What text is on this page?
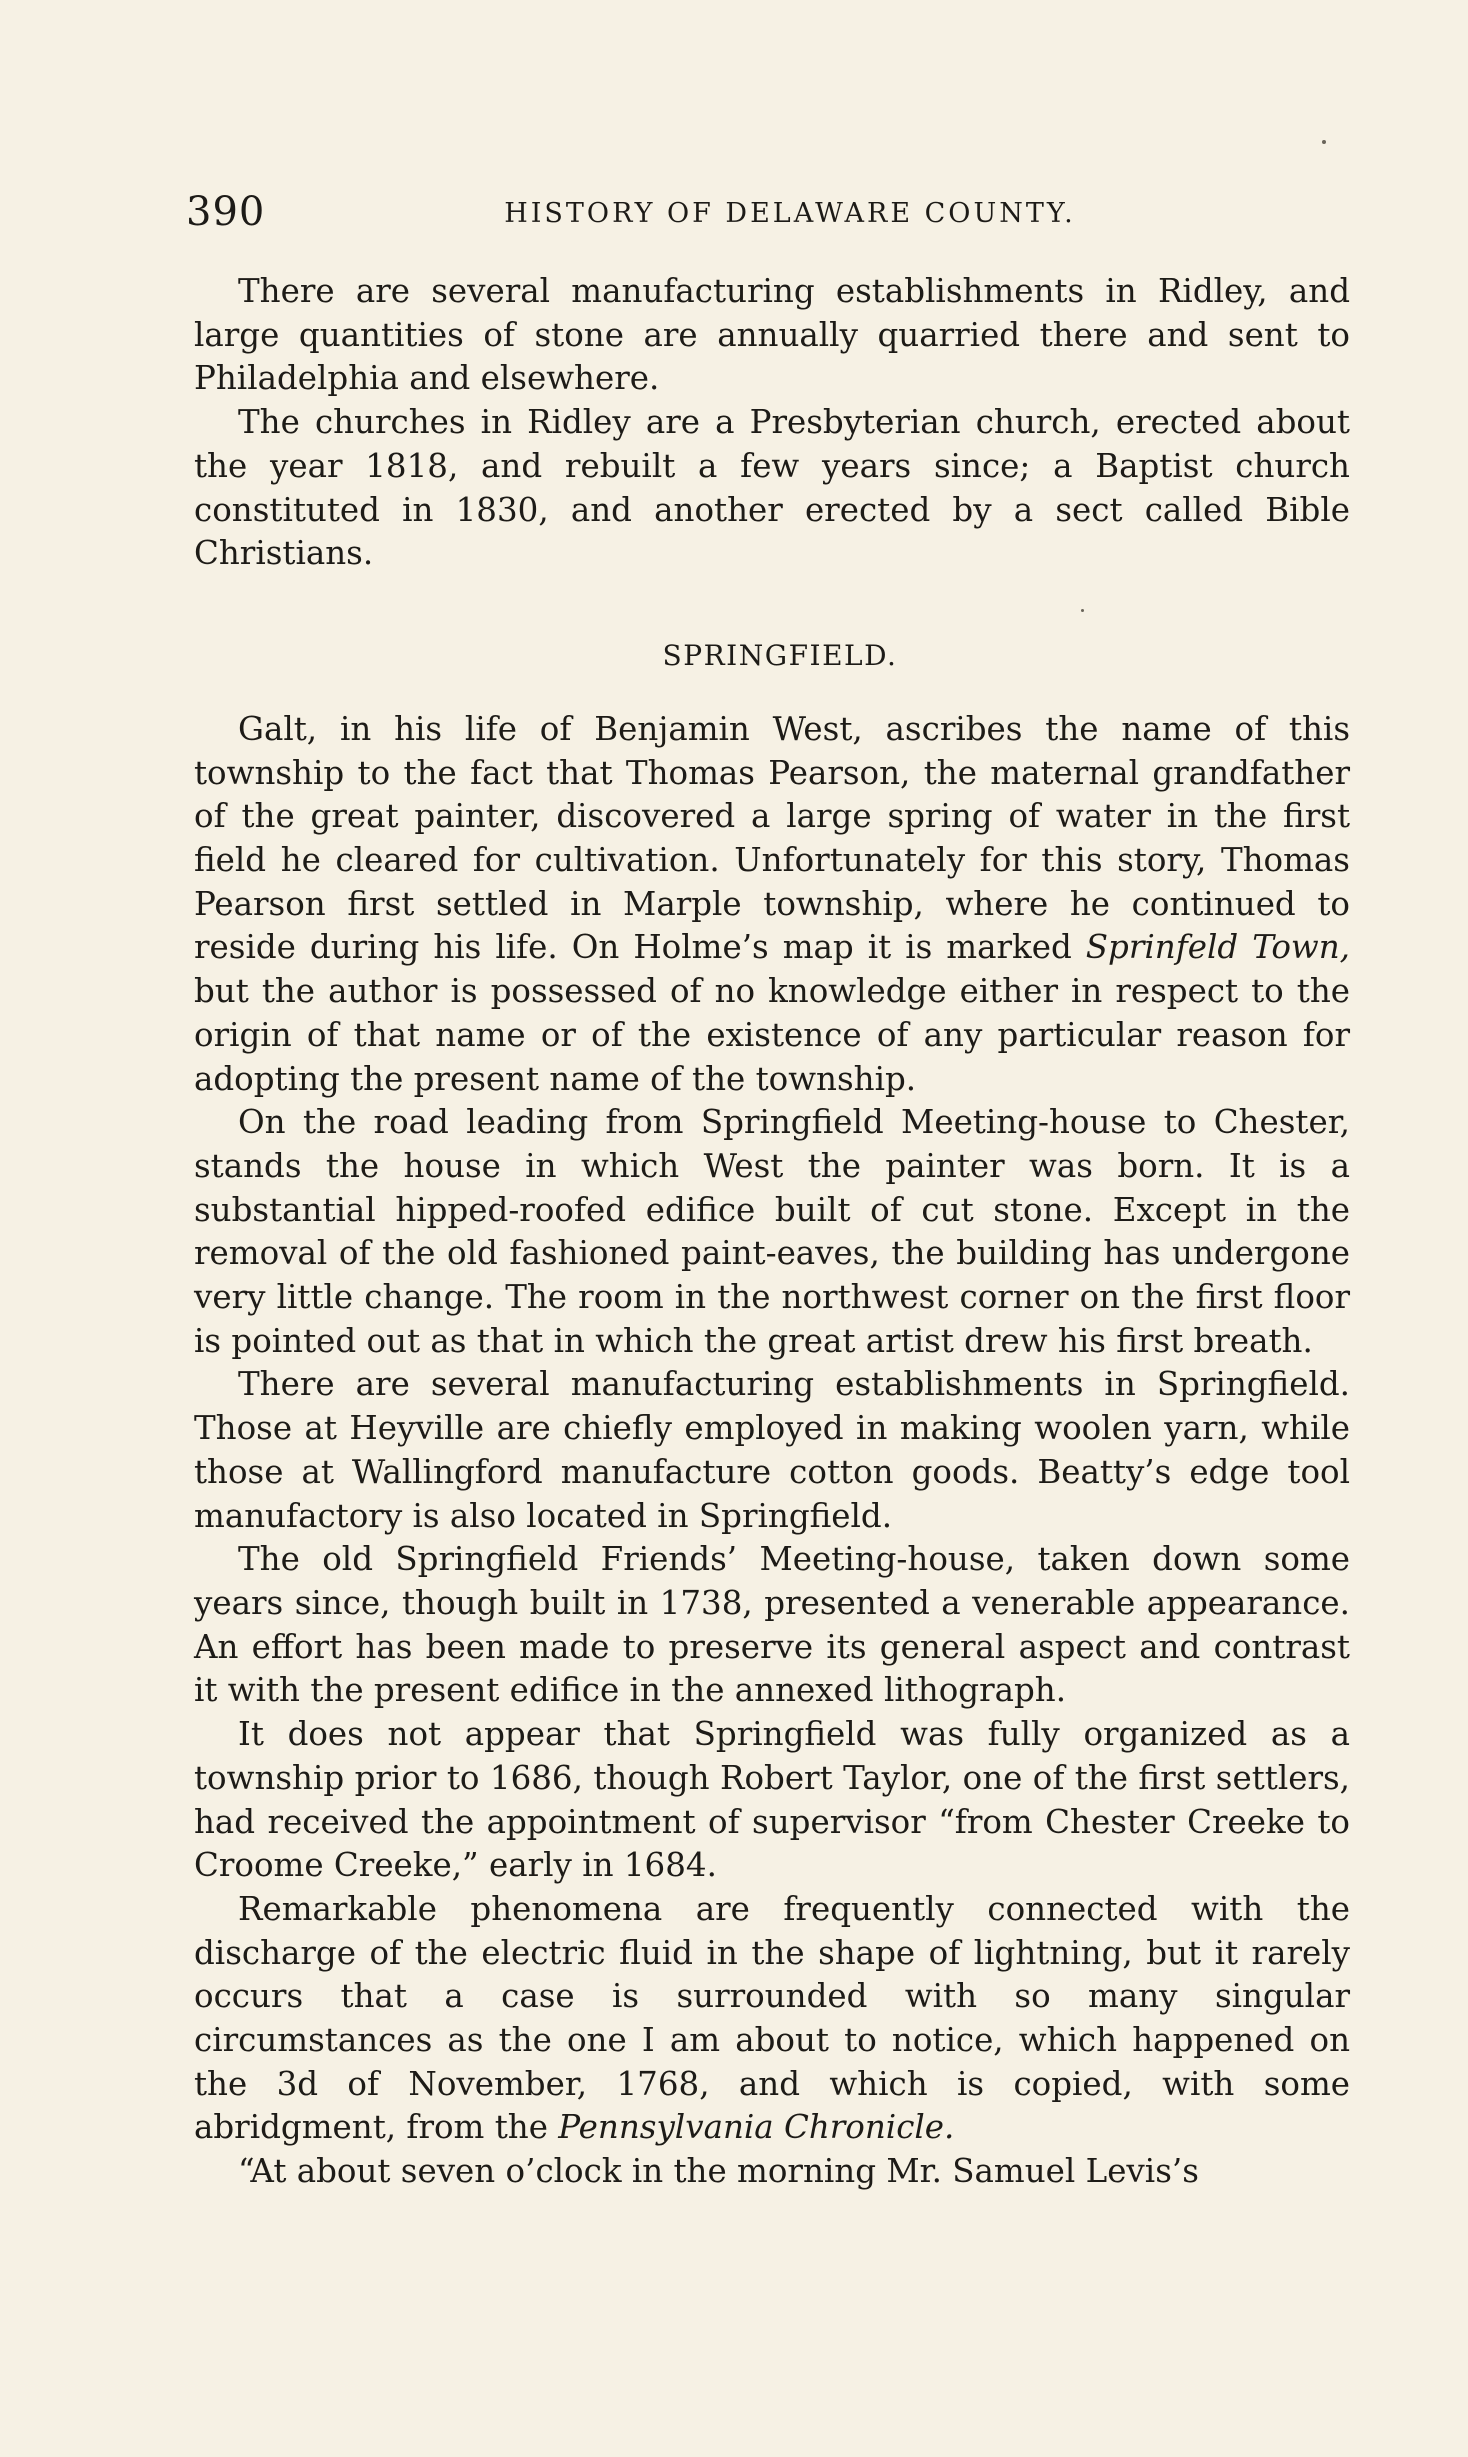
390	HISTORY OF DELAWARE COUNTY.

There are several manufacturing establishments in Ridley, and large quantities of stone are annually quarried there and sent to Philadelphia and elsewhere.

The churches in Ridley are a Presbyterian church, erected about the year 1818, and rebuilt a few years since; a Baptist church constituted in 1830, and another erected by a sect called Bible Christians.

SPRINGFIELD.

Galt, in his life of Benjamin West, ascribes the name of this township to the fact that Thomas Pearson, the maternal grandfather of the great painter, discovered a large spring of water in the first field he cleared for cultivation. Unfortunately for this story, Thomas Pearson first settled in Marple township, where he continued to reside during his life. On Holme’s map it is marked Sprinfeld Town, but the author is possessed of no knowledge either in respect to the origin of that name or of the existence of any particular reason for adopting the present name of the township.

On the road leading from Springfield Meeting-house to Chester, stands the house in which West the painter was born. It is a substantial hipped-roofed edifice built of cut stone. Except in the removal of the old fashioned paint-eaves, the building has undergone very little change. The room in the northwest corner on the first floor is pointed out as that in which the great artist drew his first breath.

There are several manufacturing establishments in Springfield. Those at Heyville are chiefly employed in making woolen yarn, while those at Wallingford manufacture cotton goods. Beatty’s edge tool manufactory is also located in Springfield.

The old Springfield Friends’ Meeting-house, taken down some years since, though built in 1738, presented a venerable appearance. An effort has been made to preserve its general aspect and contrast it with the present edifice in the annexed lithograph.

It does not appear that Springfield was fully organized as a township prior to 1686, though Robert Taylor, one of the first settlers, had received the appointment of supervisor “from Chester Creeke to Croome Creeke,” early in 1684.

Remarkable phenomena are frequently connected with the discharge of the electric fluid in the shape of lightning, but it rarely occurs that a case is surrounded with so many singular circumstances as the one I am about to notice, which happened on the 3d of November, 1768, and which is copied, with some abridgment, from the Pennsylvania Chronicle.

“At about seven o’clock in the morning Mr. Samuel Levis’s
